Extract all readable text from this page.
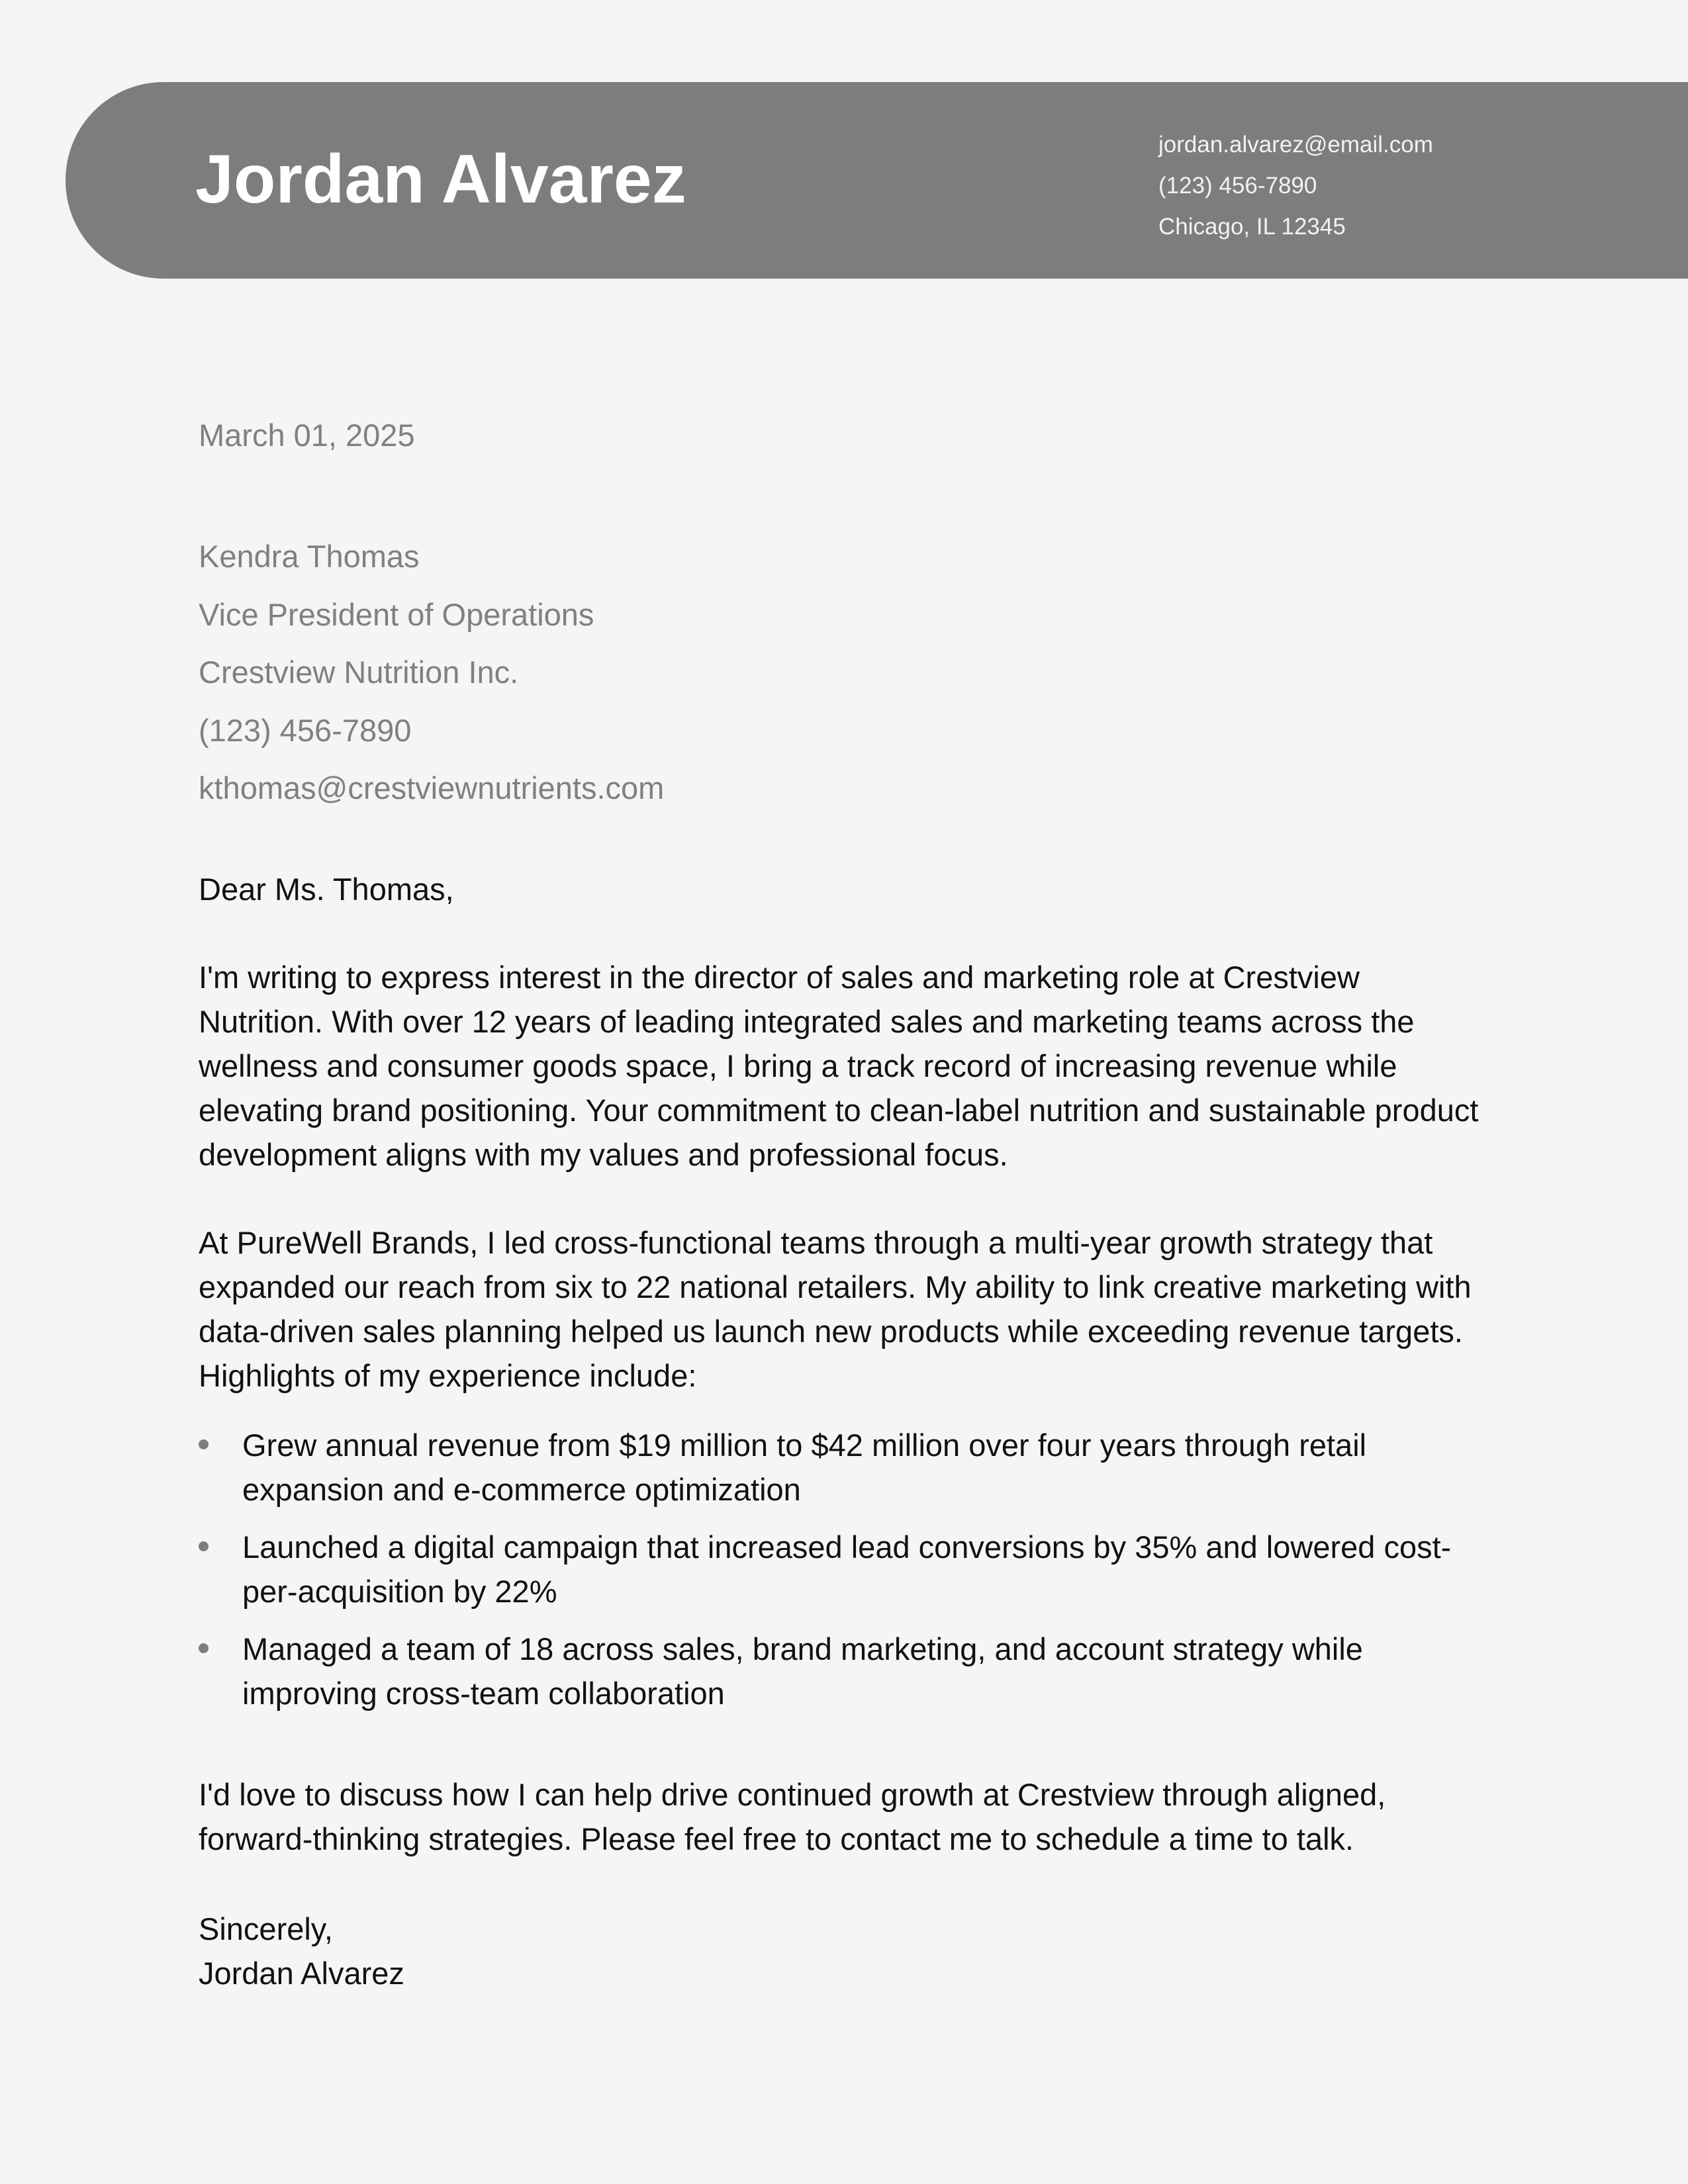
Jordan Alvarez	jordan.alvarez@email.com
(123) 456-7890
Chicago, IL 12345
March 01, 2025
Kendra Thomas
Vice President of Operations
Crestview Nutrition Inc.
(123) 456-7890
kthomas@crestviewnutrients.com
Dear Ms. Thomas,
I'm writing to express interest in the director of sales and marketing role at Crestview Nutrition. With over 12 years of leading integrated sales and marketing teams across the wellness and consumer goods space, I bring a track record of increasing revenue while elevating brand positioning. Your commitment to clean-label nutrition and sustainable product development aligns with my values and professional focus.
At PureWell Brands, I led cross-functional teams through a multi-year growth strategy that expanded our reach from six to 22 national retailers. My ability to link creative marketing with data-driven sales planning helped us launch new products while exceeding revenue targets. Highlights of my experience include:
Grew annual revenue from $19 million to $42 million over four years through retail expansion and e-commerce optimization
Launched a digital campaign that increased lead conversions by 35% and lowered cost-per-acquisition by 22%
Managed a team of 18 across sales, brand marketing, and account strategy while improving cross-team collaboration
I'd love to discuss how I can help drive continued growth at Crestview through aligned, forward-thinking strategies. Please feel free to contact me to schedule a time to talk.
Sincerely,
Jordan Alvarez
